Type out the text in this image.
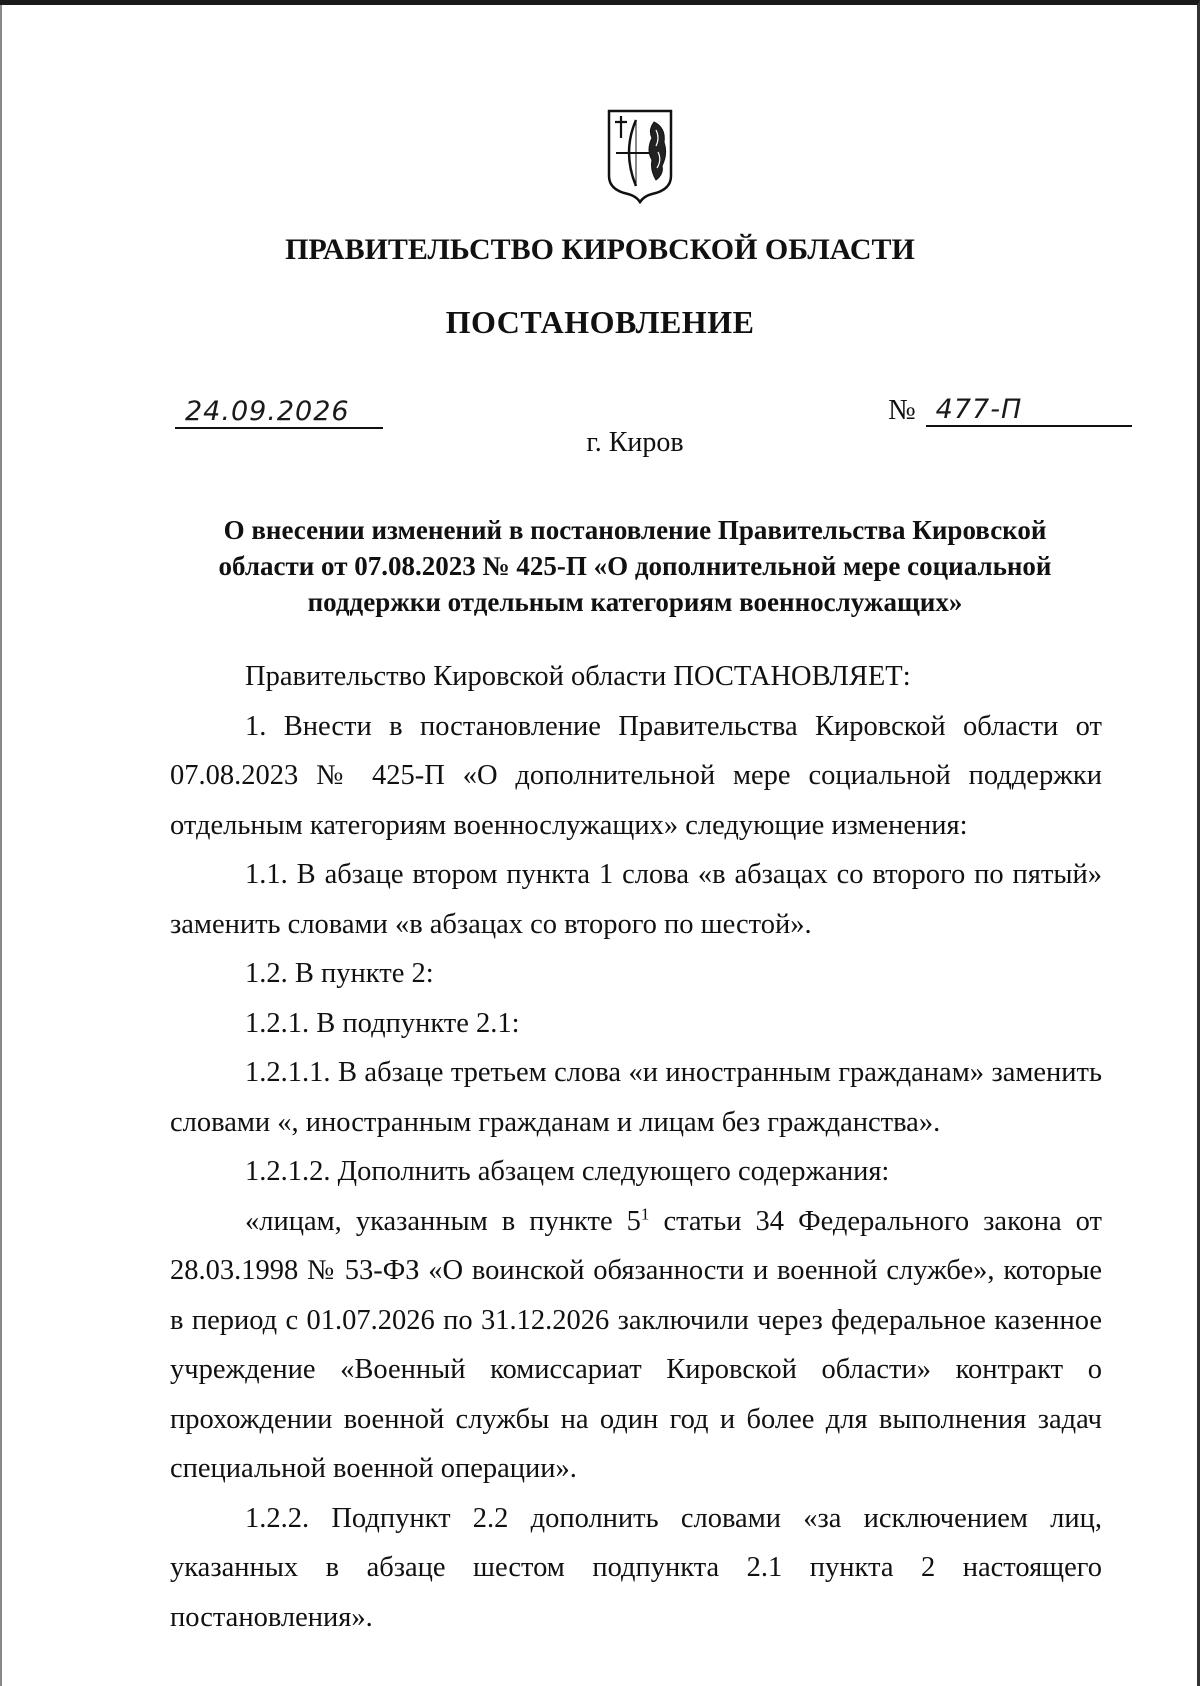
ПРАВИТЕЛЬСТВО КИРОВСКОЙ ОБЛАСТИ
ПОСТАНОВЛЕНИЕ
24.09.2026	№ 477-П
г. Киров
О внесении изменений в постановление Правительства Кировской области от 07.08.2023 № 425-П «О дополнительной мере социальной поддержки отдельным категориям военнослужащих»

Правительство Кировской области ПОСТАНОВЛЯЕТ:

1. Внести в постановление Правительства Кировской области от 07.08.2023 № 425-П «О дополнительной мере социальной поддержки отдельным категориям военнослужащих» следующие изменения:

1.1. В абзаце втором пункта 1 слова «в абзацах со второго по пятый» заменить словами «в абзацах со второго по шестой».

1.2. В пункте 2:

1.2.1. В подпункте 2.1:

1.2.1.1. В абзаце третьем слова «и иностранным гражданам» заменить словами «, иностранным гражданам и лицам без гражданства».

1.2.1.2. Дополнить абзацем следующего содержания:

«лицам, указанным в пункте $5^1$ статьи 34 Федерального закона от 28.03.1998 № 53-ФЗ «О воинской обязанности и военной службе», которые в период с 01.07.2026 по 31.12.2026 заключили через федеральное казенное учреждение «Военный комиссариат Кировской области» контракт о прохождении военной службы на один год и более для выполнения задач специальной военной операции».

1.2.2. Подпункт 2.2 дополнить словами «за исключением лиц, указанных в абзаце шестом подпункта 2.1 пункта 2 настоящего постановления».
